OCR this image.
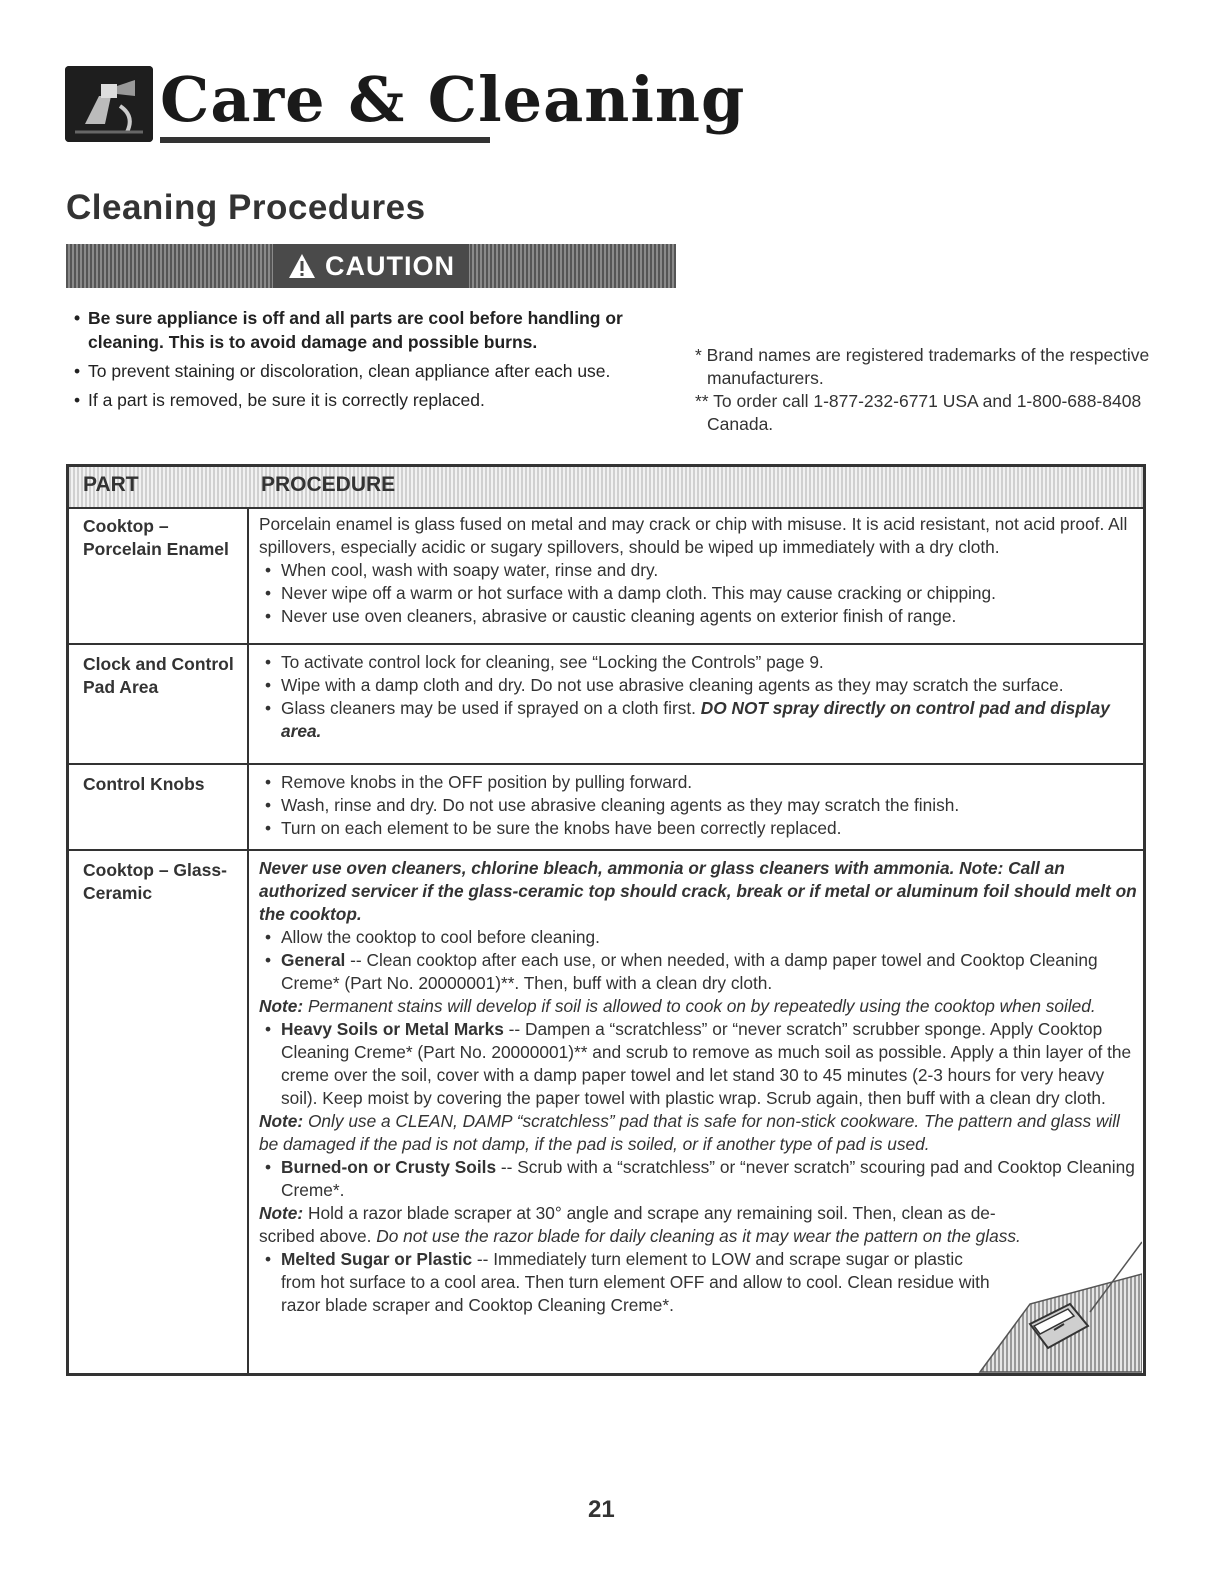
Care & Cleaning
Cleaning Procedures
CAUTION
• Be sure appliance is off and all parts are cool before handling or cleaning. This is to avoid damage and possible burns.
• To prevent staining or discoloration, clean appliance after each use.
• If a part is removed, be sure it is correctly replaced.
* Brand names are registered trademarks of the respective manufacturers.
** To order call 1-877-232-6771 USA and 1-800-688-8408 Canada.
PART	PROCEDURE
Cooktop – Porcelain Enamel

Porcelain enamel is glass fused on metal and may crack or chip with misuse. It is acid resistant, not acid proof. All spillovers, especially acidic or sugary spillovers, should be wiped up immediately with a dry cloth.

• When cool, wash with soapy water, rinse and dry.

• Never wipe off a warm or hot surface with a damp cloth. This may cause cracking or chipping.

• Never use oven cleaners, abrasive or caustic cleaning agents on exterior finish of range.

Clock and Control Pad Area

• To activate control lock for cleaning, see “Locking the Controls” page 9.

• Wipe with a damp cloth and dry. Do not use abrasive cleaning agents as they may scratch the surface.

• Glass cleaners may be used if sprayed on a cloth first. DO NOT spray directly on control pad and display area.

Control Knobs

•	Remove knobs in the OFF position by pulling forward.

• Wash, rinse and dry. Do not use abrasive cleaning agents as they may scratch the finish.

• Turn on each element to be sure the knobs have been correctly replaced.

Cooktop – Glass-Ceramic

Never use oven cleaners, chlorine bleach, ammonia or glass cleaners with ammonia. Note: Call an authorized servicer if the glass-ceramic top should crack, break or if metal or aluminum foil should melt on the cooktop.

• Allow the cooktop to cool before cleaning.

• General -- Clean cooktop after each use, or when needed, with a damp paper towel and Cooktop Cleaning Creme* (Part No. 20000001)**. Then, buff with a clean dry cloth.

Note: Permanent stains will develop if soil is allowed to cook on by repeatedly using the cooktop when soiled.

• Heavy Soils or Metal Marks -- Dampen a “scratchless” or “never scratch” scrubber sponge. Apply Cooktop Cleaning Creme* (Part No. 20000001)** and scrub to remove as much soil as possible. Apply a thin layer of the creme over the soil, cover with a damp paper towel and let stand 30 to 45 minutes (2-3 hours for very heavy soil). Keep moist by covering the paper towel with plastic wrap. Scrub again, then buff with a clean dry cloth.

Note: Only use a CLEAN, DAMP “scratchless” pad that is safe for non-stick cookware. The pattern and glass will be damaged if the pad is not damp, if the pad is soiled, or if another type of pad is used.

• Burned-on or Crusty Soils -- Scrub with a “scratchless” or “never scratch” scouring pad and Cooktop Cleaning Creme*.

Note: Hold a razor blade scraper at 30° angle and scrape any remaining soil. Then, clean as de- scribed above. Do not use the razor blade for daily cleaning as it may wear the pattern on the glass.

• Melted Sugar or Plastic -- Immediately turn element to LOW and scrape sugar or plastic from hot surface to a cool area. Then turn element OFF and allow to cool. Clean residue with razor blade scraper and Cooktop Cleaning Creme*.

21
